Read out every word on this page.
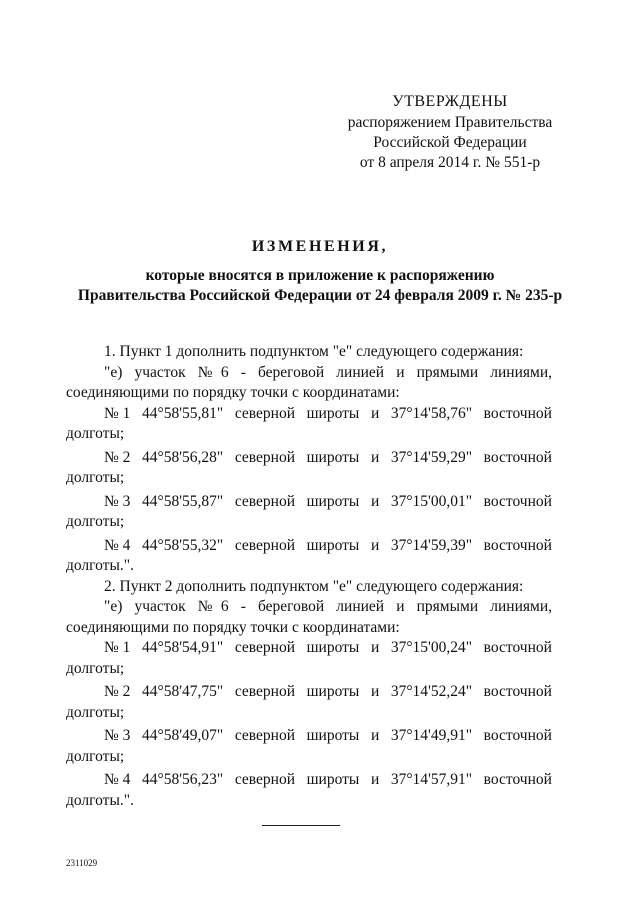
УТВЕРЖДЕНЫ
распоряжением Правительства
Российской Федерации
от 8 апреля 2014 г. № 551-р
ИЗМЕНЕНИЯ,
которые вносятся в приложение к распоряжению
Правительства Российской Федерации от 24 февраля 2009 г. № 235-р

1. Пункт 1 дополнить подпунктом "е" следующего содержания:

"е) участок №6 - береговой линией и прямыми линиями,

соединяющими по порядку точки с координатами:

№ 1 44°58'55,81" северной широты и 37°14'58,76" восточной
долготы;
№ 2 44°58'56,28" северной широты и 37°14'59,29" восточной
долготы;
№ 3 44°58'55,87" северной широты и 37°15'00,01" восточной
долготы;
№ 4 44°58'55,32" северной широты и 37°14'59,39" восточной
долготы.".

2. Пункт 2 дополнить подпунктом "е" следующего содержания:

"е) участок №6 - береговой линией и прямыми линиями,

соединяющими по порядку точки с координатами:

№ 1 44°58'54,91" северной широты и 37°15'00,24" восточной
долготы;
№ 2 44°58'47,75" северной широты и 37°14'52,24" восточной
долготы;
№ 3 44°58'49,07" северной широты и 37°14'49,91" восточной
долготы;
№ 4 44°58'56,23" северной широты и 37°14'57,91" восточной
долготы.".
2311029
